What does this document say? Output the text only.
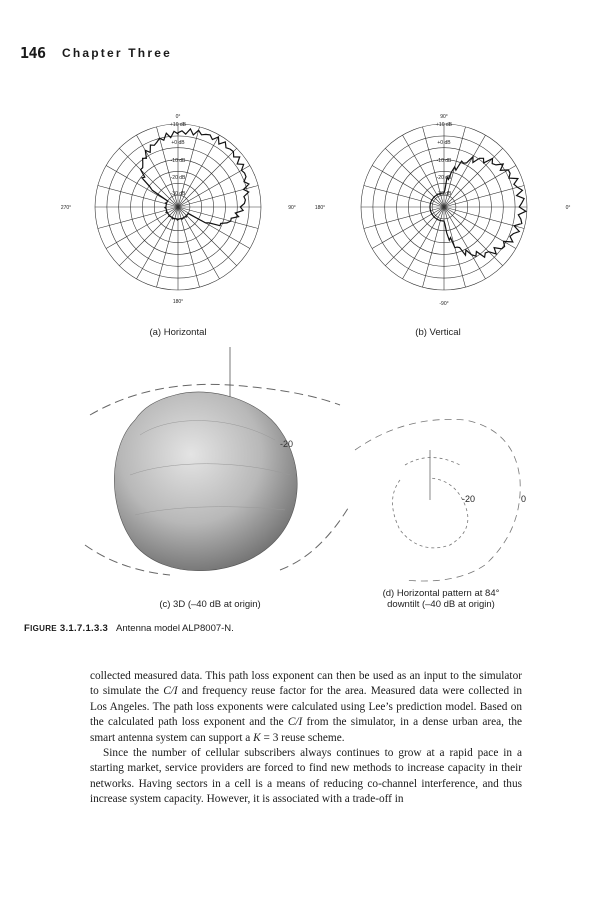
146 Chapter Three
0°
90°
180°
270°
+10 dB
+0 dB
-10 dB
-20 dB
-30 dB
90°
0°
-90°
180°
+10 dB
+0 dB
-10 dB
-20 dB
-30 dB
(a) Horizontal	(b) Vertical
-20
-20	0
(c) 3D (–40 dB at origin)
(d) Horizontal pattern at 84°
downtilt (–40 dB at origin)
FIGURE 3.1.7.1.3.3 Antenna model ALP8007-N.

collected measured data. This path loss exponent can then be used as an input to the simulator to simulate the C/I and frequency reuse factor for the area. Measured data were collected in Los Angeles. The path loss exponents were calculated using Lee’s prediction model. Based on the calculated path loss exponent and the C/I from the simulator, in a dense urban area, the smart antenna system can support a K = 3 reuse scheme.

Since the number of cellular subscribers always continues to grow at a rapid pace in a starting market, service providers are forced to find new methods to increase capacity in their networks. Having sectors in a cell is a means of reducing co-channel interference, and thus increase system capacity. However, it is associated with a trade-off in
